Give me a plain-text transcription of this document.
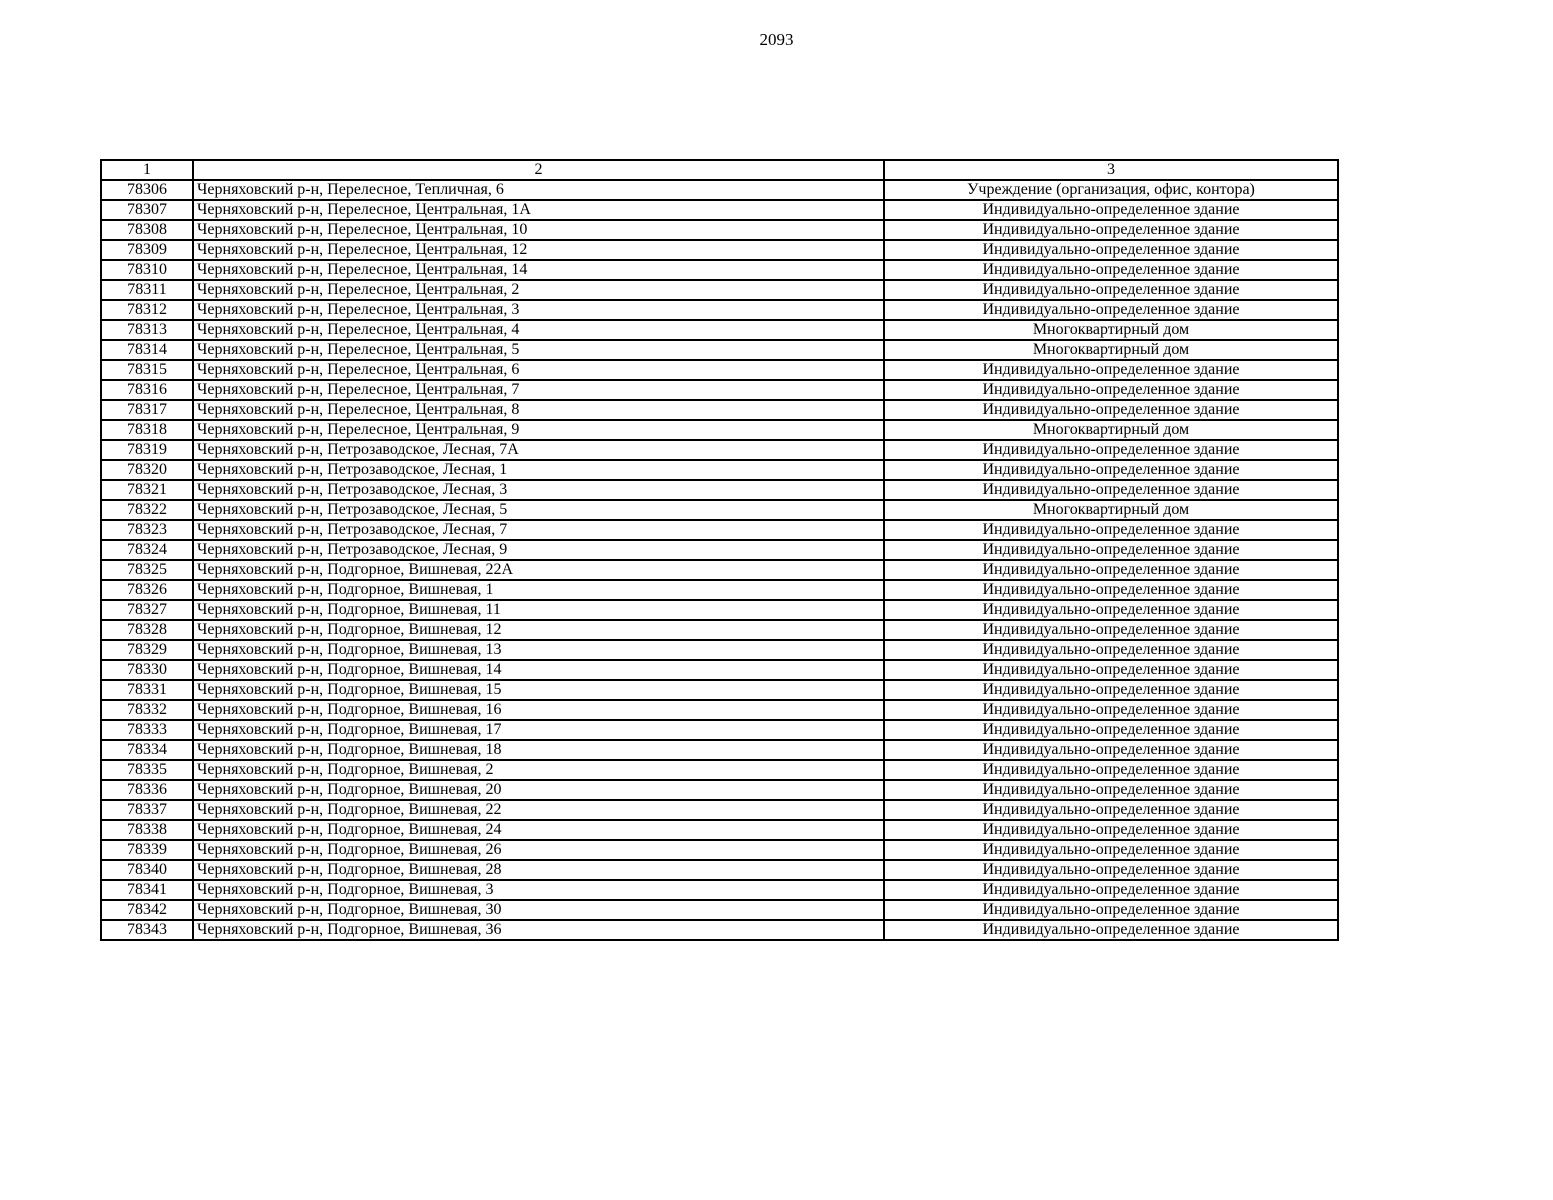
2093
1	2	3
78306	Черняховский р-н, Перелесное, Тепличная, 6	Учреждение (организация, офис, контора)
78307	Черняховский р-н, Перелесное, Центральная, 1А	Индивидуально-определенное здание
78308	Черняховский р-н, Перелесное, Центральная, 10	Индивидуально-определенное здание
78309	Черняховский р-н, Перелесное, Центральная, 12	Индивидуально-определенное здание
78310	Черняховский р-н, Перелесное, Центральная, 14	Индивидуально-определенное здание
78311	Черняховский р-н, Перелесное, Центральная, 2	Индивидуально-определенное здание
78312	Черняховский р-н, Перелесное, Центральная, 3	Индивидуально-определенное здание
78313	Черняховский р-н, Перелесное, Центральная, 4	Многоквартирный дом
78314	Черняховский р-н, Перелесное, Центральная, 5	Многоквартирный дом
78315	Черняховский р-н, Перелесное, Центральная, 6	Индивидуально-определенное здание
78316	Черняховский р-н, Перелесное, Центральная, 7	Индивидуально-определенное здание
78317	Черняховский р-н, Перелесное, Центральная, 8	Индивидуально-определенное здание
78318	Черняховский р-н, Перелесное, Центральная, 9	Многоквартирный дом
78319	Черняховский р-н, Петрозаводское, Лесная, 7А	Индивидуально-определенное здание
78320	Черняховский р-н, Петрозаводское, Лесная, 1	Индивидуально-определенное здание
78321	Черняховский р-н, Петрозаводское, Лесная, 3	Индивидуально-определенное здание
78322	Черняховский р-н, Петрозаводское, Лесная, 5	Многоквартирный дом
78323	Черняховский р-н, Петрозаводское, Лесная, 7	Индивидуально-определенное здание
78324	Черняховский р-н, Петрозаводское, Лесная, 9	Индивидуально-определенное здание
78325	Черняховский р-н, Подгорное, Вишневая, 22А	Индивидуально-определенное здание
78326	Черняховский р-н, Подгорное, Вишневая, 1	Индивидуально-определенное здание
78327	Черняховский р-н, Подгорное, Вишневая, 11	Индивидуально-определенное здание
78328	Черняховский р-н, Подгорное, Вишневая, 12	Индивидуально-определенное здание
78329	Черняховский р-н, Подгорное, Вишневая, 13	Индивидуально-определенное здание
78330	Черняховский р-н, Подгорное, Вишневая, 14	Индивидуально-определенное здание
78331	Черняховский р-н, Подгорное, Вишневая, 15	Индивидуально-определенное здание
78332	Черняховский р-н, Подгорное, Вишневая, 16	Индивидуально-определенное здание
78333	Черняховский р-н, Подгорное, Вишневая, 17	Индивидуально-определенное здание
78334	Черняховский р-н, Подгорное, Вишневая, 18	Индивидуально-определенное здание
78335	Черняховский р-н, Подгорное, Вишневая, 2	Индивидуально-определенное здание
78336	Черняховский р-н, Подгорное, Вишневая, 20	Индивидуально-определенное здание
78337	Черняховский р-н, Подгорное, Вишневая, 22	Индивидуально-определенное здание
78338	Черняховский р-н, Подгорное, Вишневая, 24	Индивидуально-определенное здание
78339	Черняховский р-н, Подгорное, Вишневая, 26	Индивидуально-определенное здание
78340	Черняховский р-н, Подгорное, Вишневая, 28	Индивидуально-определенное здание
78341	Черняховский р-н, Подгорное, Вишневая, 3	Индивидуально-определенное здание
78342	Черняховский р-н, Подгорное, Вишневая, 30	Индивидуально-определенное здание
78343	Черняховский р-н, Подгорное, Вишневая, 36	Индивидуально-определенное здание
